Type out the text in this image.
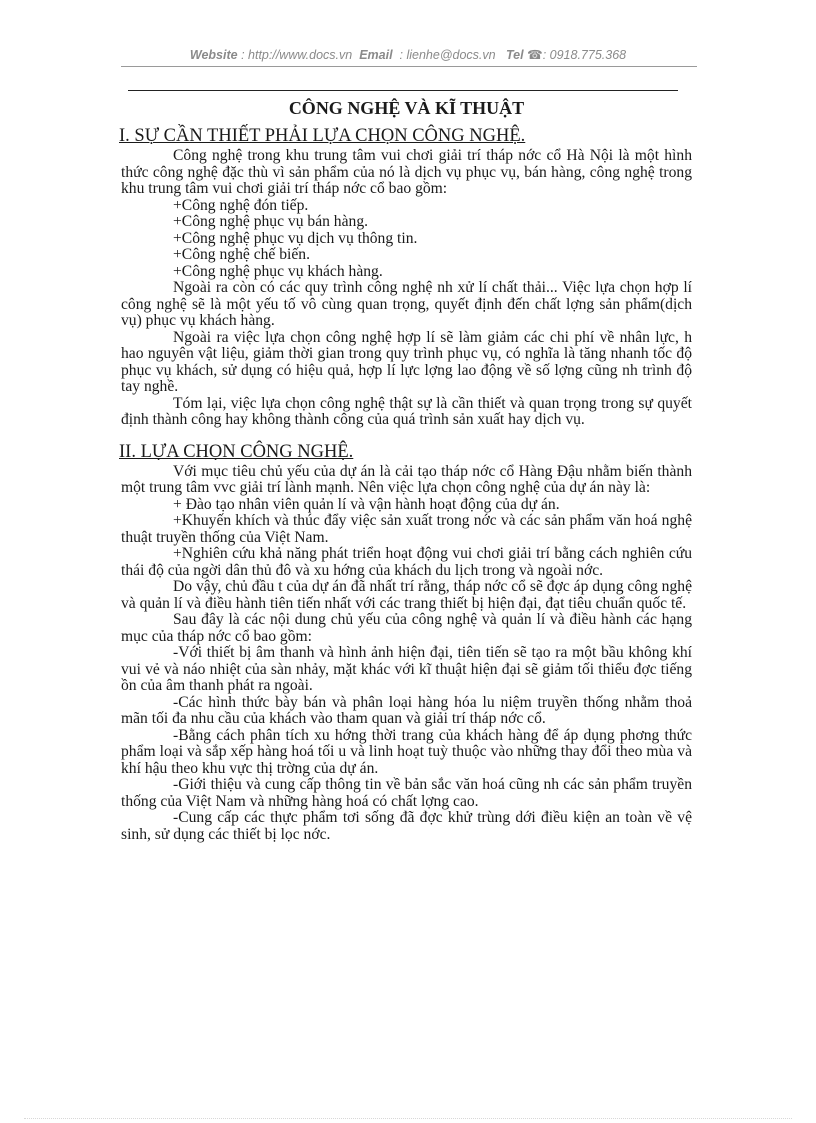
Website : http://www.docs.vn Email : lienhe@docs.vn Tel ☎: 0918.775.368
CÔNG NGHỆ VÀ KĨ THUẬT
I. SỰ CẦN THIẾT PHẢI LỰA CHỌN CÔNG NGHỆ.

Công nghệ trong khu trung tâm vui chơi giải trí tháp nớc cổ Hà Nội là một hình thức công nghệ đặc thù vì sản phẩm của nó là dịch vụ phục vụ, bán hàng, công nghệ trong khu trung tâm vui chơi giải trí tháp nớc cổ bao gồm:

+Công nghệ đón tiếp.

+Công nghệ phục vụ bán hàng.

+Công nghệ phục vụ dịch vụ thông tin.

+Công nghệ chế biến.

+Công nghệ phục vụ khách hàng.

Ngoài ra còn có các quy trình công nghệ nh xử lí chất thải... Việc lựa chọn hợp lí công nghệ sẽ là một yếu tố vô cùng quan trọng, quyết định đến chất lợng sản phẩm(dịch vụ) phục vụ khách hàng.

Ngoài ra việc lựa chọn công nghệ hợp lí sẽ làm giảm các chi phí về nhân lực, h hao nguyên vật liệu, giảm thời gian trong quy trình phục vụ, có nghĩa là tăng nhanh tốc độ phục vụ khách, sử dụng có hiệu quả, hợp lí lực lợng lao động về số lợng cũng nh trình độ tay nghề.

Tóm lại, việc lựa chọn công nghệ thật sự là cần thiết và quan trọng trong sự quyết định thành công hay không thành công của quá trình sản xuất hay dịch vụ.

II. LỰA CHỌN CÔNG NGHỆ.

Với mục tiêu chủ yếu của dự án là cải tạo tháp nớc cổ Hàng Đậu nhằm biến thành một trung tâm vvc giải trí lành mạnh. Nên việc lựa chọn công nghệ của dự án này là:

+ Đào tạo nhân viên quản lí và vận hành hoạt động của dự án.

+Khuyến khích và thúc đẩy việc sản xuất trong nớc và các sản phẩm văn hoá nghệ thuật truyền thống của Việt Nam.

+Nghiên cứu khả năng phát triển hoạt động vui chơi giải trí bằng cách nghiên cứu thái độ của ngời dân thủ đô và xu hớng của khách du lịch trong và ngoài nớc.

Do vậy, chủ đầu t của dự án đã nhất trí rằng, tháp nớc cổ sẽ đợc áp dụng công nghệ và quản lí và điều hành tiên tiến nhất với các trang thiết bị hiện đại, đạt tiêu chuẩn quốc tế.

Sau đây là các nội dung chủ yếu của công nghệ và quản lí và điều hành các hạng mục của tháp nớc cổ bao gồm:

-Với thiết bị âm thanh và hình ảnh hiện đại, tiên tiến sẽ tạo ra một bầu không khí vui vẻ và náo nhiệt của sàn nhảy, mặt khác với kĩ thuật hiện đại sẽ giảm tối thiểu đợc tiếng ồn của âm thanh phát ra ngoài.

-Các hình thức bày bán và phân loại hàng hóa lu niệm truyền thống nhằm thoả mãn tối đa nhu cầu của khách vào tham quan và giải trí tháp nớc cổ.

-Bằng cách phân tích xu hớng thời trang của khách hàng để áp dụng phơng thức phẩm loại và sắp xếp hàng hoá tối u và linh hoạt tuỳ thuộc vào những thay đổi theo mùa và khí hậu theo khu vực thị trờng của dự án.

-Giới thiệu và cung cấp thông tin về bản sắc văn hoá cũng nh các sản phẩm truyền thống của Việt Nam và những hàng hoá có chất lợng cao.

-Cung cấp các thực phẩm tơi sống đã đợc khử trùng dới điều kiện an toàn về vệ sinh, sử dụng các thiết bị lọc nớc.
